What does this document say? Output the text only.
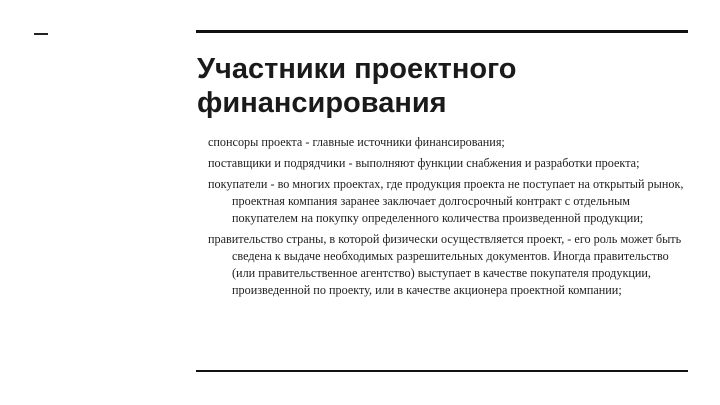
Участники проектного финансирования
спонсоры проекта - главные источники финансирования;
поставщики и подрядчики - выполняют функции снабжения и разработки проекта;
покупатели - во многих проектах, где продукция проекта не поступает на открытый рынок, проектная компания заранее заключает долгосрочный контракт с отдельным покупателем на покупку определенного количества произведенной продукции;
правительство страны, в которой физически осуществляется проект, - его роль может быть сведена к выдаче необходимых разрешительных документов. Иногда правительство (или правительственное агентство) выступает в качестве покупателя продукции, произведенной по проекту, или в качестве акционера проектной компании;
